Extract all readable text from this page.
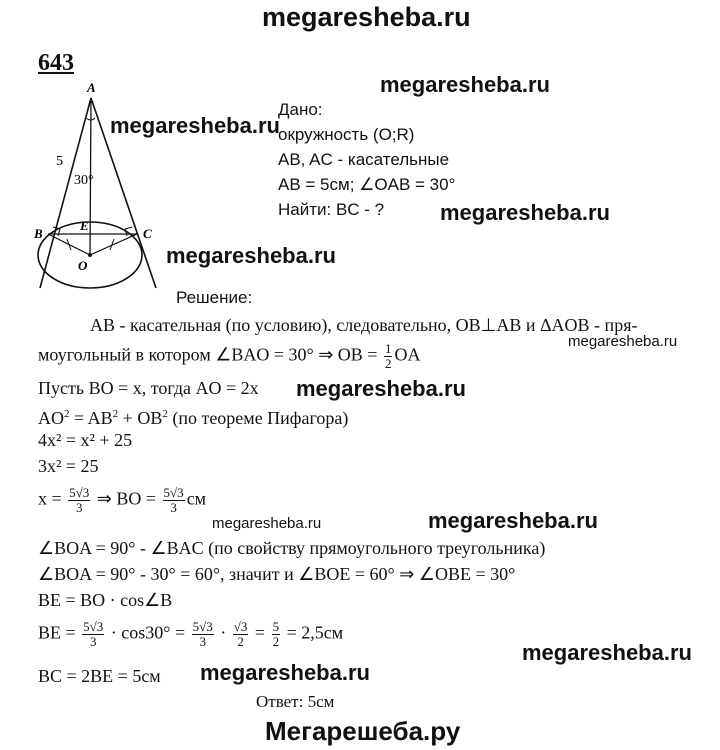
megaresheba.ru
megaresheba.ru
megaresheba.ru
megaresheba.ru
megaresheba.ru
megaresheba.ru
megaresheba.ru
megaresheba.ru
megaresheba.ru
megaresheba.ru
megaresheba.ru
643
A
B	C
E
O
5
30°
Дано:
окружность (O;R)
AB, AC - касательные
AB = 5см; ∠OAB = 30°
Найти: BC - ?
Решение:
AB - касательная (по условию), следовательно, OB⊥AB и ΔAOB - пря-
моугольный в котором ∠BAO = 30° ⇒ OB = $\frac{1}{2}$ OA
Пусть BO = x, тогда AO = 2x
$AO^2 = AB^2 + OB^2$ (по теореме Пифагора)
4x² = x² + 25
3x² = 25
$x = \frac{5√3}{3}$ ⇒ BO = $\frac{5√3}{3}$ см
∠BOA = 90° - ∠BAC (по свойству прямоугольного треугольника)
∠BOA = 90° - 30° = 60°, значит и ∠BOE = 60° ⇒ ∠OBE = 30°
BE = BO · cos∠B
BE = $\frac{5√3}{3} \cdot \cos 30^\circ = \frac{5√3}{3} \cdot \frac{√3}{2} = \frac{5}{2} = 2,5см$
BC = 2BE = 5см
Ответ: 5см
Мегарешеба.ру
